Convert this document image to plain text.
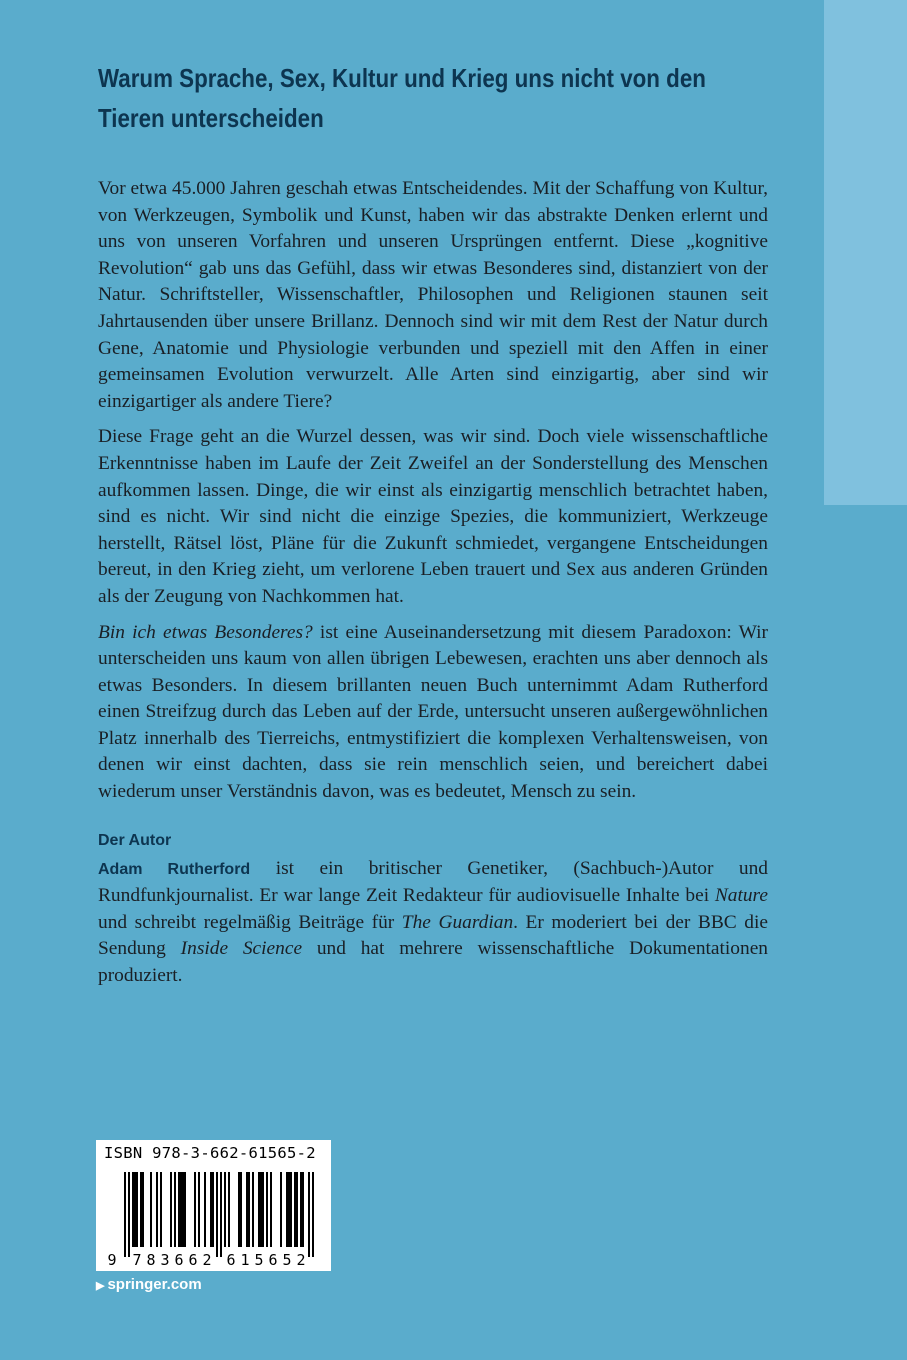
Warum Sprache, Sex, Kultur und Krieg uns nicht von den Tieren unterscheiden

Vor etwa 45.000 Jahren geschah etwas Entscheidendes. Mit der Schaffung von Kultur, von Werkzeugen, Symbolik und Kunst, haben wir das abstrakte Denken erlernt und uns von unseren Vorfahren und unseren Ursprüngen entfernt. Diese „kognitive Revolution“ gab uns das Gefühl, dass wir etwas Besonderes sind, distanziert von der Natur. Schriftsteller, Wissenschaftler, Philosophen und Religionen staunen seit Jahrtausenden über unsere Brillanz. Dennoch sind wir mit dem Rest der Natur durch Gene, Anatomie und Physiologie verbunden und speziell mit den Affen in einer gemeinsamen Evolution verwurzelt. Alle Arten sind einzigartig, aber sind wir einzigartiger als andere Tiere?

Diese Frage geht an die Wurzel dessen, was wir sind. Doch viele wissenschaftliche Erkenntnisse haben im Laufe der Zeit Zweifel an der Sonderstellung des Menschen aufkommen lassen. Dinge, die wir einst als einzigartig menschlich betrachtet haben, sind es nicht. Wir sind nicht die einzige Spezies, die kommuniziert, Werkzeuge herstellt, Rätsel löst, Pläne für die Zukunft schmiedet, vergangene Entscheidungen bereut, in den Krieg zieht, um verlorene Leben trauert und Sex aus anderen Gründen als der Zeugung von Nachkommen hat.

Bin ich etwas Besonderes? ist eine Auseinandersetzung mit diesem Paradoxon: Wir unterscheiden uns kaum von allen übrigen Lebewesen, erachten uns aber dennoch als etwas Besonders. In diesem brillanten neuen Buch unternimmt Adam Rutherford einen Streifzug durch das Leben auf der Erde, untersucht unseren außergewöhnlichen Platz innerhalb des Tierreichs, entmystifiziert die komplexen Verhaltensweisen, von denen wir einst dachten, dass sie rein menschlich seien, und bereichert dabei wiederum unser Verständnis davon, was es bedeutet, Mensch zu sein.

Der Autor

Adam Rutherford ist ein britischer Genetiker, (Sachbuch-)Autor und Rundfunkjournalist. Er war lange Zeit Redakteur für audiovisuelle Inhalte bei Nature und schreibt regelmäßig Beiträge für The Guardian. Er moderiert bei der BBC die Sendung Inside Science und hat mehrere wissenschaftliche Dokumentationen produziert.

ISBN 978-3-662-61565-2
9 7 8 3 6 6 2 6 1 5 6 5 2
▶ springer.com
